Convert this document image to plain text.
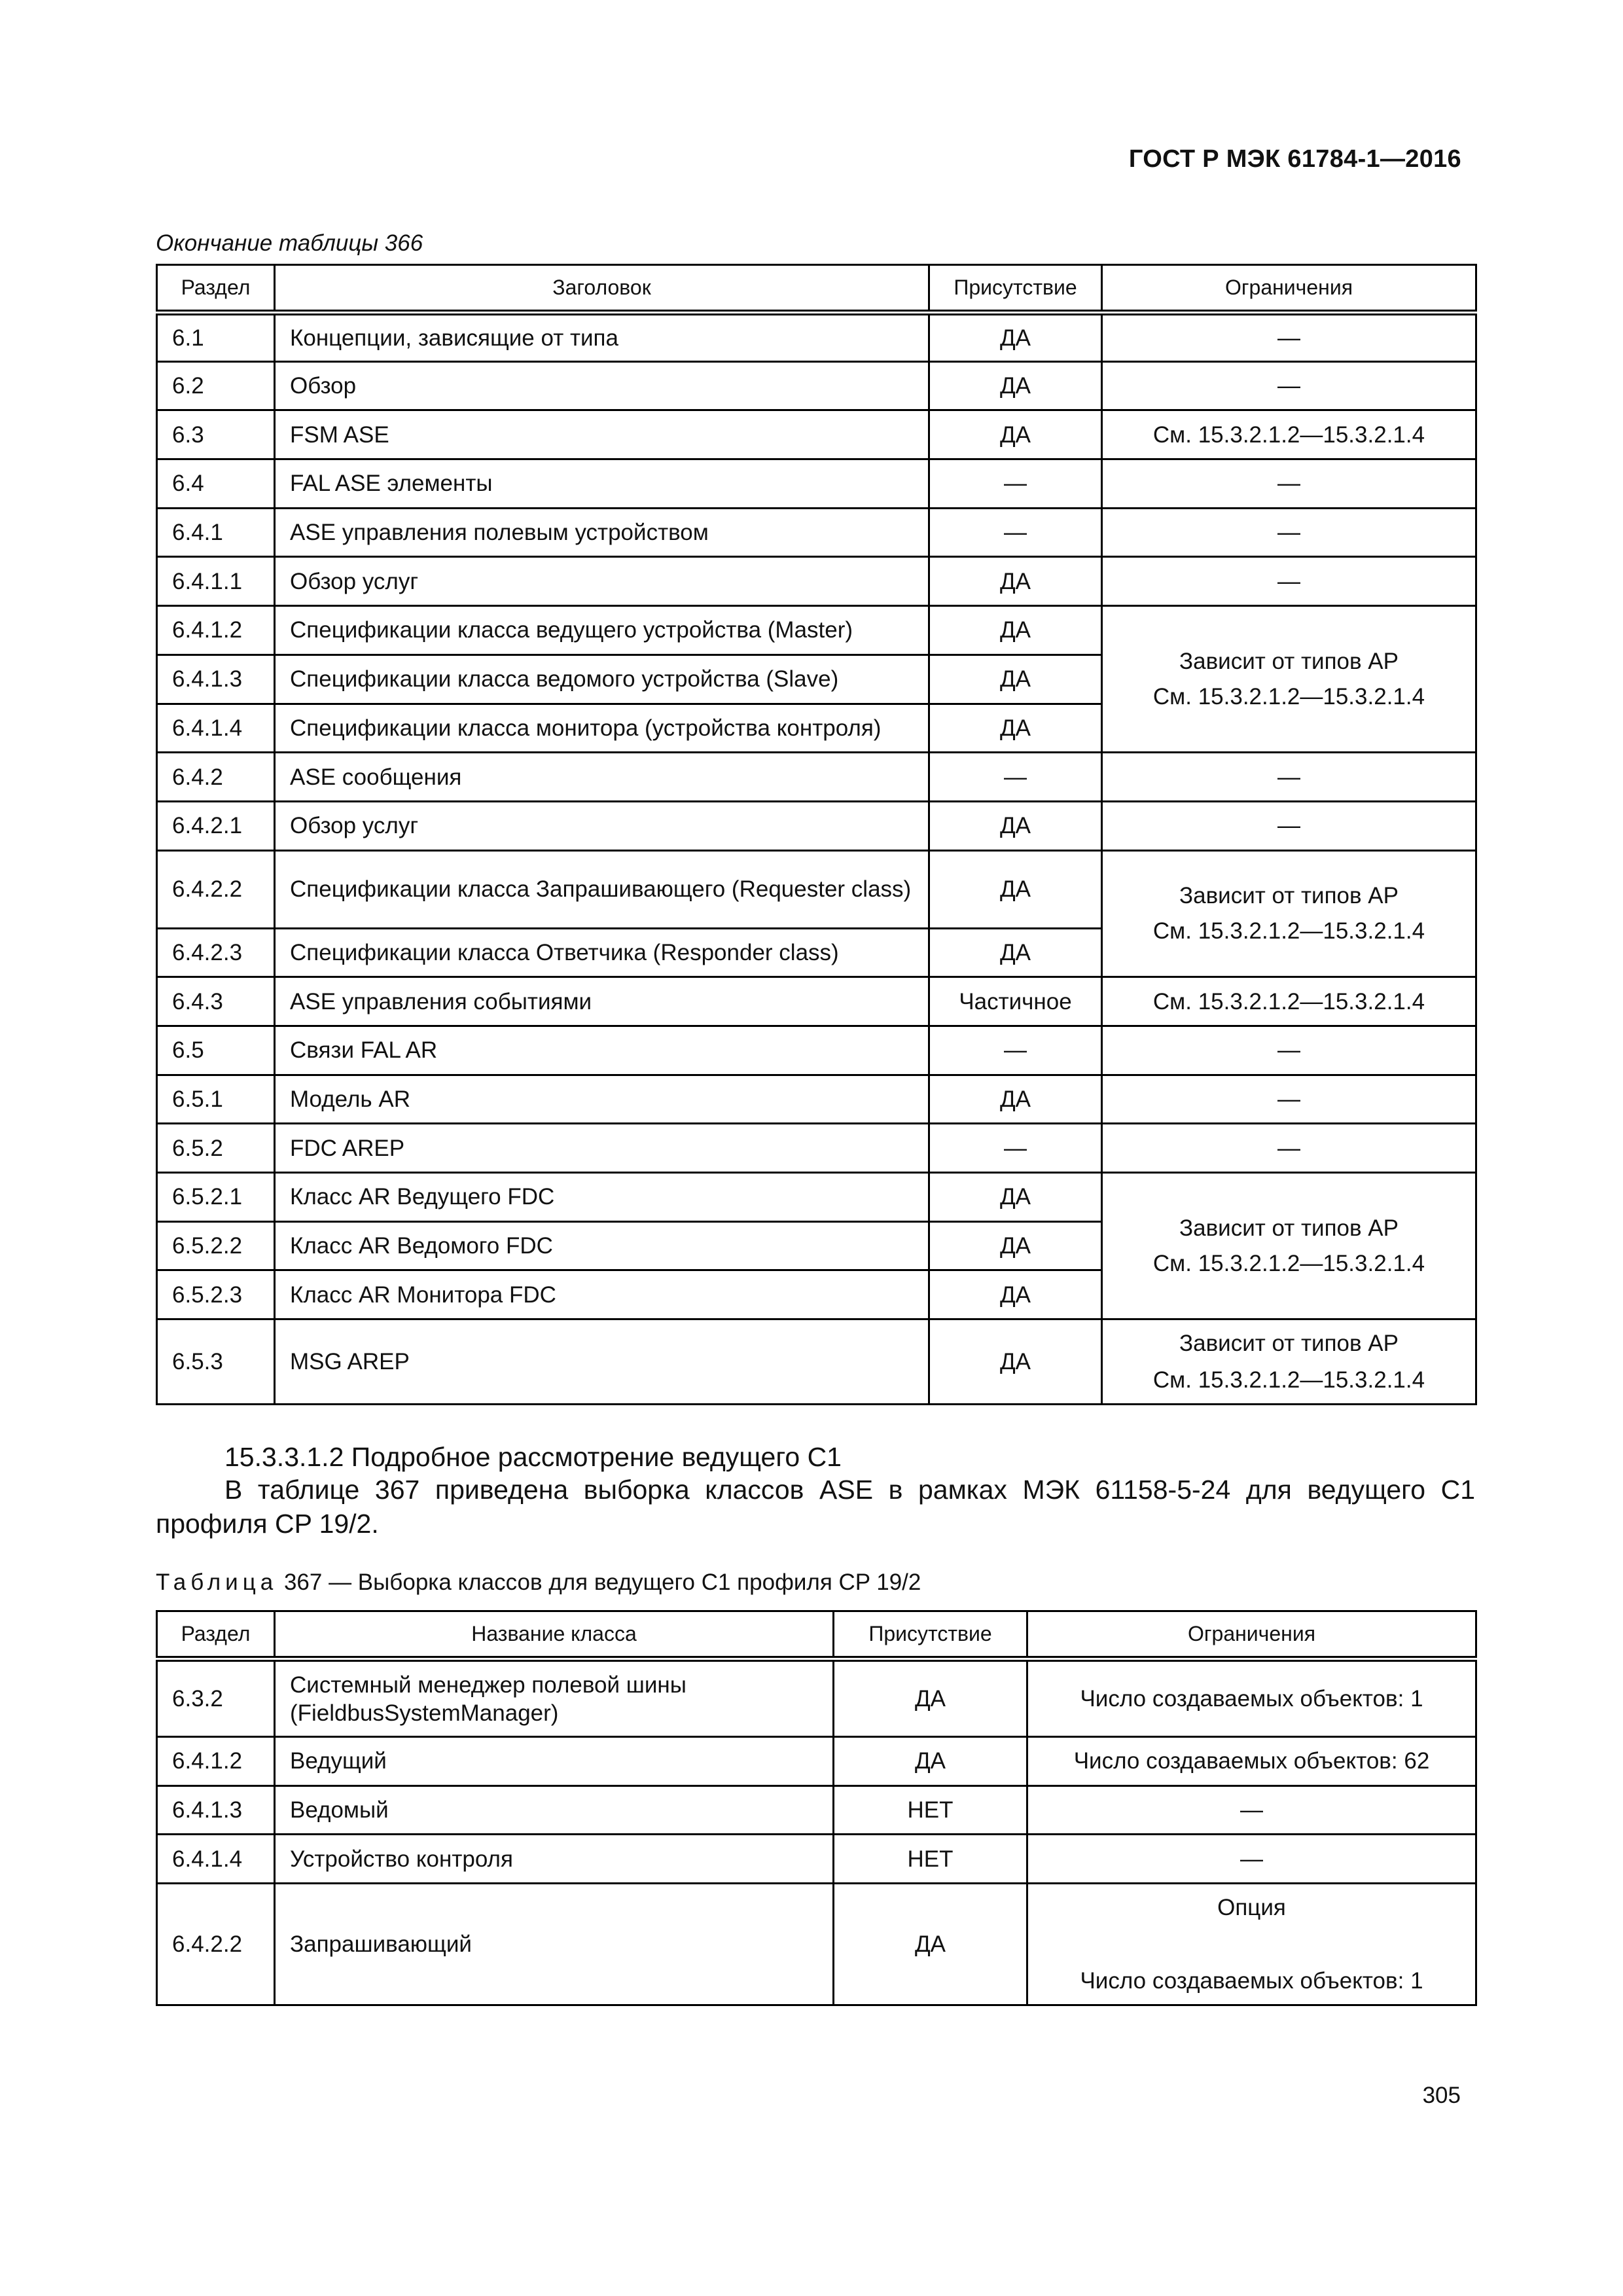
ГОСТ Р МЭК 61784-1—2016
Окончание таблицы 366
Раздел	Заголовок	Присутствие	Ограничения
6.1	Концепции, зависящие от типа	ДА	—
6.2	Обзор	ДА	—
6.3	FSM ASE	ДА	См. 15.3.2.1.2—15.3.2.1.4
6.4	FAL ASE элементы	—	—
6.4.1	ASE управления полевым устройством	—	—
6.4.1.1	Обзор услуг	ДА	—
6.4.1.2	Спецификации класса ведущего устройства (Master)	ДА	Зависит от типов AP
См. 15.3.2.1.2—15.3.2.1.4

6.4.1.3	Спецификации класса ведомого устройства (Slave)	ДА	
6.4.1.4	Спецификации класса монитора (устройства контроля)	ДА	
6.4.2	ASE сообщения	—	—
6.4.2.1	Обзор услуг	ДА	—
6.4.2.2	Спецификации класса Запрашивающего (Requester class)	ДА	Зависит от типов AP
См. 15.3.2.1.2—15.3.2.1.4

6.4.2.3	Спецификации класса Ответчика (Responder class)	ДА	
6.4.3	ASE управления событиями	Частичное	См. 15.3.2.1.2—15.3.2.1.4
6.5	Связи FAL AR	—	—
6.5.1	Модель AR	ДА	—
6.5.2	FDC AREP	—	—
6.5.2.1	Класс AR Ведущего FDC	ДА	Зависит от типов AP
См. 15.3.2.1.2—15.3.2.1.4

6.5.2.2	Класс AR Ведомого FDC	ДА	
6.5.2.3	Класс AR Монитора FDC	ДА	
6.5.3	MSG AREP	ДА	Зависит от типов AP
См. 15.3.2.1.2—15.3.2.1.4
15.3.3.1.2 Подробное рассмотрение ведущего С1
В таблице 367 приведена выборка классов ASE в рамках МЭК 61158-5-24 для ведущего С1 профиля CP 19/2.
Таблица 367 — Выборка классов для ведущего С1 профиля CP 19/2
Раздел	Название класса	Присутствие	Ограничения
6.3.2	Системный менеджер полевой шины (FieldbusSystemManager)	ДА	Число создаваемых объектов: 1
6.4.1.2	Ведущий	ДА	Число создаваемых объектов: 62
6.4.1.3	Ведомый	НЕТ	—
6.4.1.4	Устройство контроля	НЕТ	—
6.4.2.2	Запрашивающий	ДА	Опция
Число создаваемых объектов: 1
305
